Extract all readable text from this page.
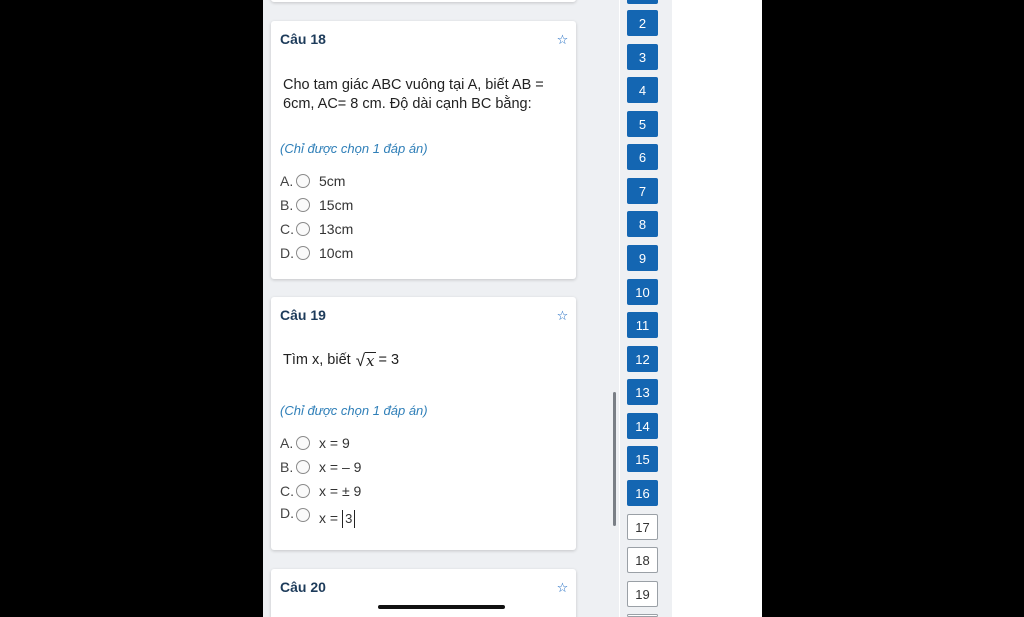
Câu 18	☆
Cho tam giác ABC vuông tại A, biết AB = 6cm, AC= 8 cm. Độ dài cạnh BC bằng:
(Chỉ được chọn 1 đáp án)
A. 5cm
B. 15cm
C. 13cm
D. 10cm
Câu 19	☆
Tìm x, biết √ x = 3
(Chỉ được chọn 1 đáp án)
A. x = 9
B. x = – 9
C. x = ± 9
D. x = 3
Câu 20	☆
2
3
4
5
6
7
8
9
10
11
12
13
14
15
16
17
18
19
